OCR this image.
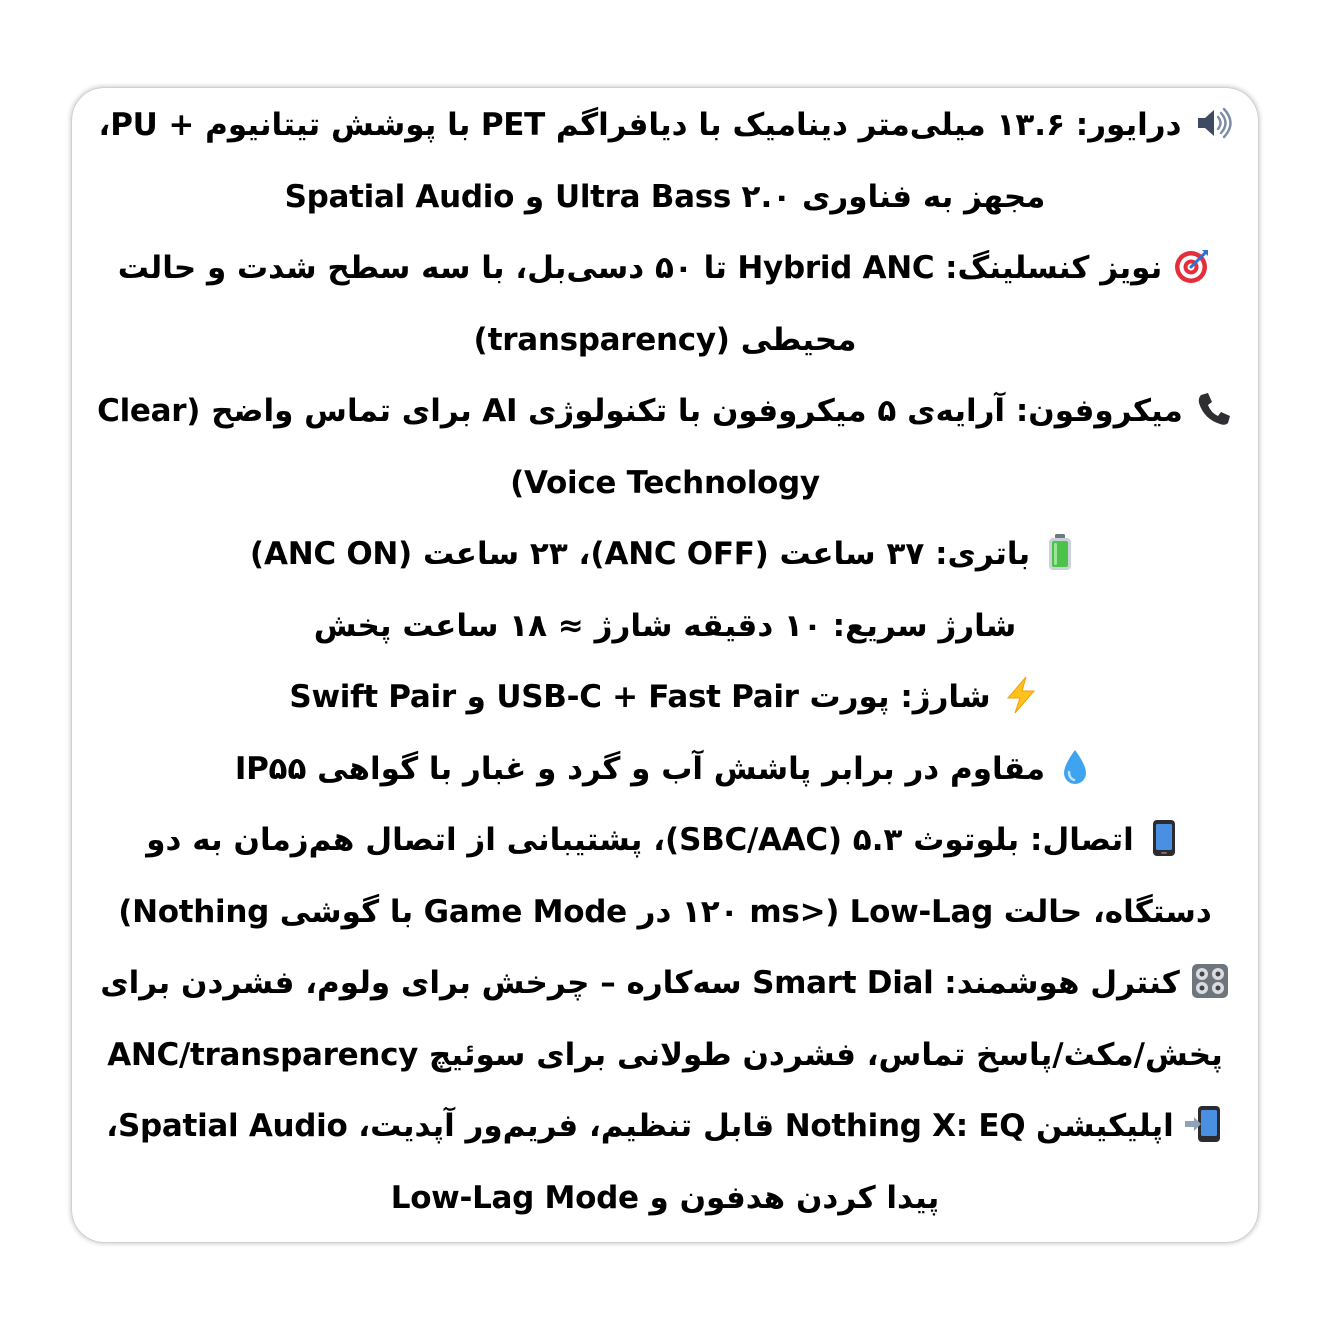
درایور: ۱۳.۶ میلی‌متر دینامیک با دیافراگم PET با پوشش تیتانیوم + PU،
مجهز به فناوری Ultra Bass ۲.۰ و Spatial Audio
نویز کنسلینگ: Hybrid ANC تا ۵۰ دسی‌بل، با سه سطح شدت و حالت
محیطی (transparency)
میکروفون: آرایه‌ی ۵ میکروفون با تکنولوژی AI برای تماس واضح (Clear
Voice Technology)
باتری: ۳۷ ساعت (ANC OFF)، ۲۳ ساعت (ANC ON)
شارژ سریع: ۱۰ دقیقه شارژ ≈ ۱۸ ساعت پخش
شارژ: پورت USB-C + Fast Pair و Swift Pair
مقاوم در برابر پاشش آب و گرد و غبار با گواهی IP۵۵
اتصال: بلوتوث ۵.۳ (SBC/AAC)، پشتیبانی از اتصال هم‌زمان به دو
دستگاه، حالت Low-Lag (<۱۲۰ ms در Game Mode با گوشی Nothing)
کنترل هوشمند: Smart Dial سه‌کاره – چرخش برای ولوم، فشردن برای
پخش/مکث/پاسخ تماس، فشردن طولانی برای سوئیچ ANC/transparency
اپلیکیشن Nothing X: EQ قابل تنظیم، فریم‌ور آپدیت، Spatial Audio،
پیدا کردن هدفون و Low-Lag Mode
